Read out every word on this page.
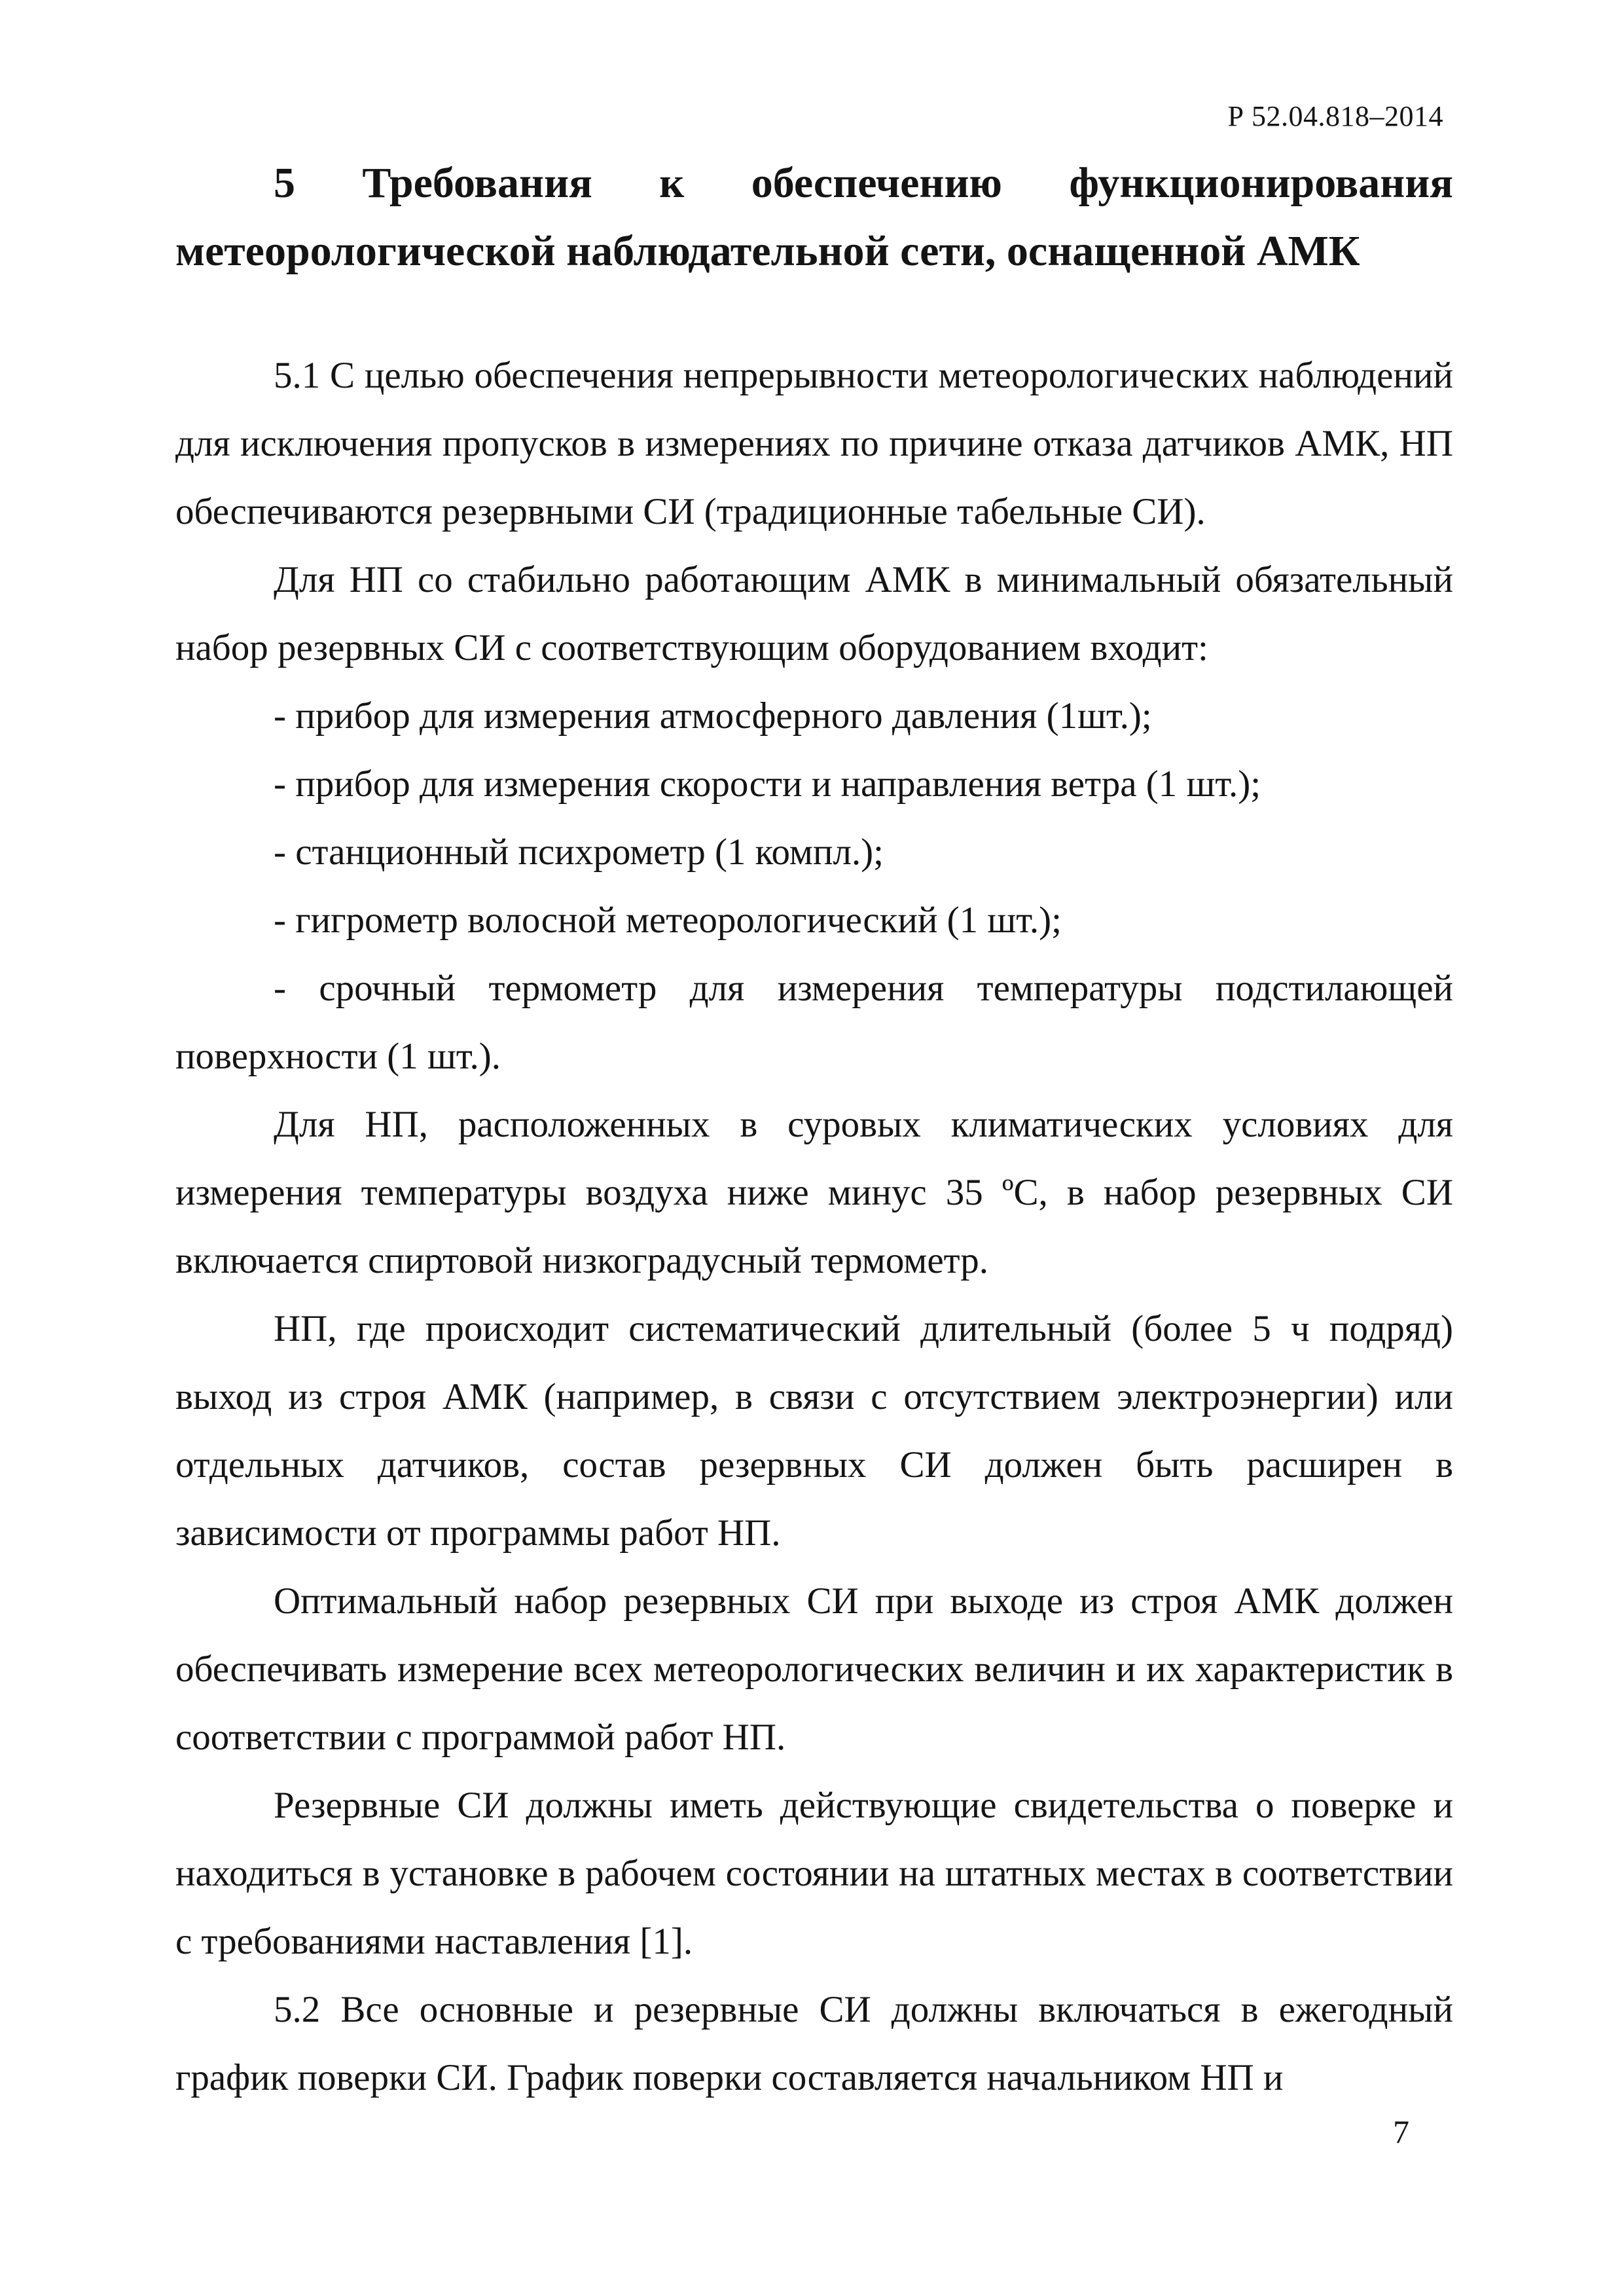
Р 52.04.818–2014
5 Требования к обеспечению функционирования
метеорологической наблюдательной сети, оснащенной АМК

5.1 С целью обеспечения непрерывности метеорологических наблюдений для исключения пропусков в измерениях по причине отказа датчиков АМК, НП обеспечиваются резервными СИ (традиционные табельные СИ).

Для НП со стабильно работающим АМК в минимальный обязательный набор резервных СИ с соответствующим оборудованием входит:

- прибор для измерения атмосферного давления (1шт.);

- прибор для измерения скорости и направления ветра (1 шт.);

- станционный психрометр (1 компл.);

- гигрометр волосной метеорологический (1 шт.);

- срочный термометр для измерения температуры подстилающей поверхности (1 шт.).

Для НП, расположенных в суровых климатических условиях для измерения температуры воздуха ниже минус 35 ºС, в набор резервных СИ включается спиртовой низкоградусный термометр.

НП, где происходит систематический длительный (более 5 ч подряд) выход из строя АМК (например, в связи с отсутствием электроэнергии) или отдельных датчиков, состав резервных СИ должен быть расширен в зависимости от программы работ НП.

Оптимальный набор резервных СИ при выходе из строя АМК должен обеспечивать измерение всех метеорологических величин и их характеристик в соответствии с программой работ НП.

Резервные СИ должны иметь действующие свидетельства о поверке и находиться в установке в рабочем состоянии на штатных местах в соответствии с требованиями наставления [1].

5.2 Все основные и резервные СИ должны включаться в ежегодный график поверки СИ. График поверки составляется начальником НП и

7
